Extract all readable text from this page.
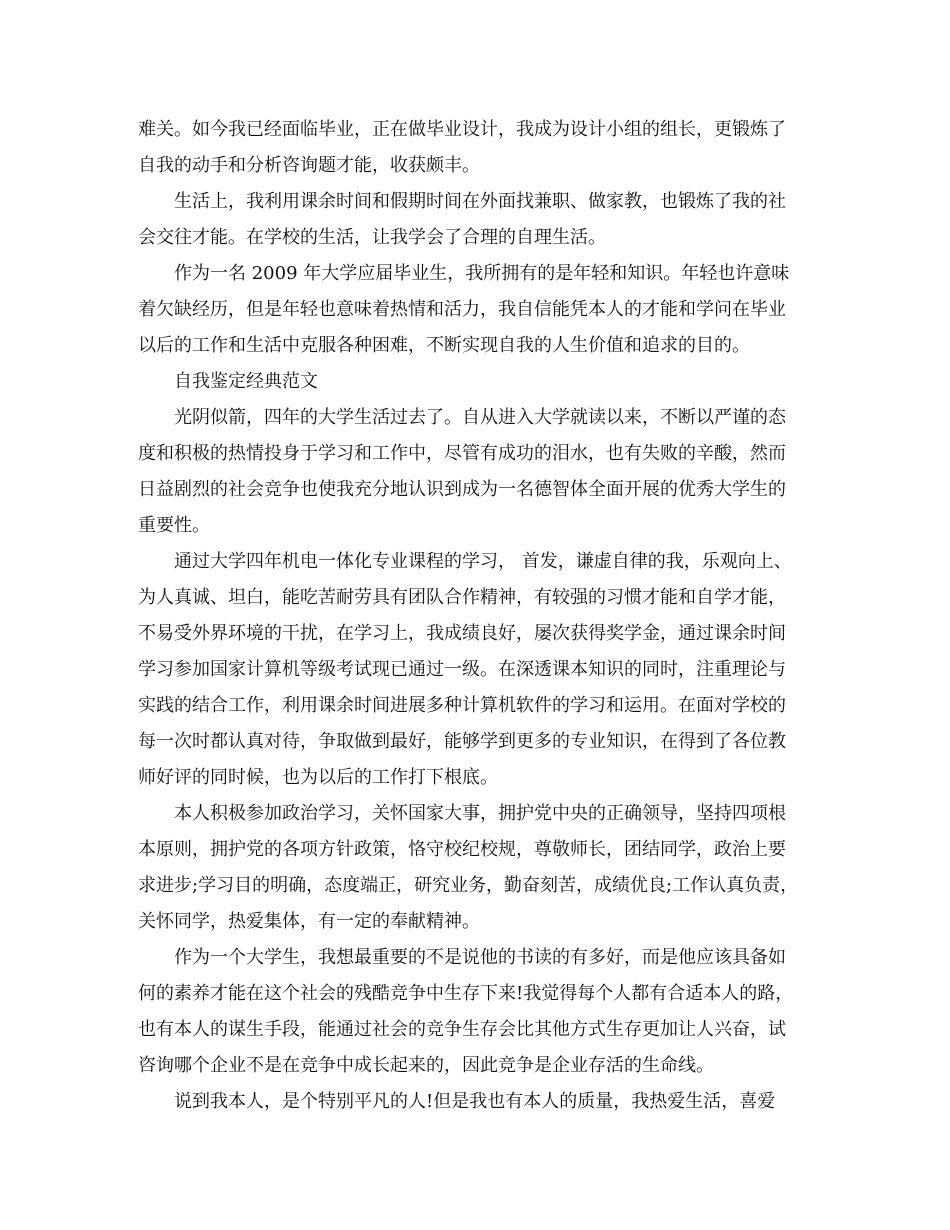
难关。如今我已经面临毕业，正在做毕业设计，我成为设计小组的组长，更锻炼了
自我的动手和分析咨询题才能，收获颇丰。
生活上，我利用课余时间和假期时间在外面找兼职、做家教，也锻炼了我的社
会交往才能。在学校的生活，让我学会了合理的自理生活。
作为一名 2009 年大学应届毕业生，我所拥有的是年轻和知识。年轻也许意味
着欠缺经历，但是年轻也意味着热情和活力，我自信能凭本人的才能和学问在毕业
以后的工作和生活中克服各种困难，不断实现自我的人生价值和追求的目的。
自我鉴定经典范文
光阴似箭，四年的大学生活过去了。自从进入大学就读以来，不断以严谨的态
度和积极的热情投身于学习和工作中，尽管有成功的泪水，也有失败的辛酸，然而
日益剧烈的社会竞争也使我充分地认识到成为一名德智体全面开展的优秀大学生的
重要性。
通过大学四年机电一体化专业课程的学习， 首发，谦虚自律的我，乐观向上、
为人真诚、坦白，能吃苦耐劳具有团队合作精神，有较强的习惯才能和自学才能，
不易受外界环境的干扰，在学习上，我成绩良好，屡次获得奖学金，通过课余时间
学习参加国家计算机等级考试现已通过一级。在深透课本知识的同时，注重理论与
实践的结合工作，利用课余时间进展多种计算机软件的学习和运用。在面对学校的
每一次时都认真对待，争取做到最好，能够学到更多的专业知识，在得到了各位教
师好评的同时候，也为以后的工作打下根底。
本人积极参加政治学习，关怀国家大事，拥护党中央的正确领导，坚持四项根
本原则，拥护党的各项方针政策，恪守校纪校规，尊敬师长，团结同学，政治上要
求进步;学习目的明确，态度端正，研究业务，勤奋刻苦，成绩优良;工作认真负责，
关怀同学，热爱集体，有一定的奉献精神。
作为一个大学生，我想最重要的不是说他的书读的有多好，而是他应该具备如
何的素养才能在这个社会的残酷竞争中生存下来!我觉得每个人都有合适本人的路，
也有本人的谋生手段，能通过社会的竞争生存会比其他方式生存更加让人兴奋，试
咨询哪个企业不是在竞争中成长起来的，因此竞争是企业存活的生命线。
说到我本人，是个特别平凡的人!但是我也有本人的质量，我热爱生活，喜爱
